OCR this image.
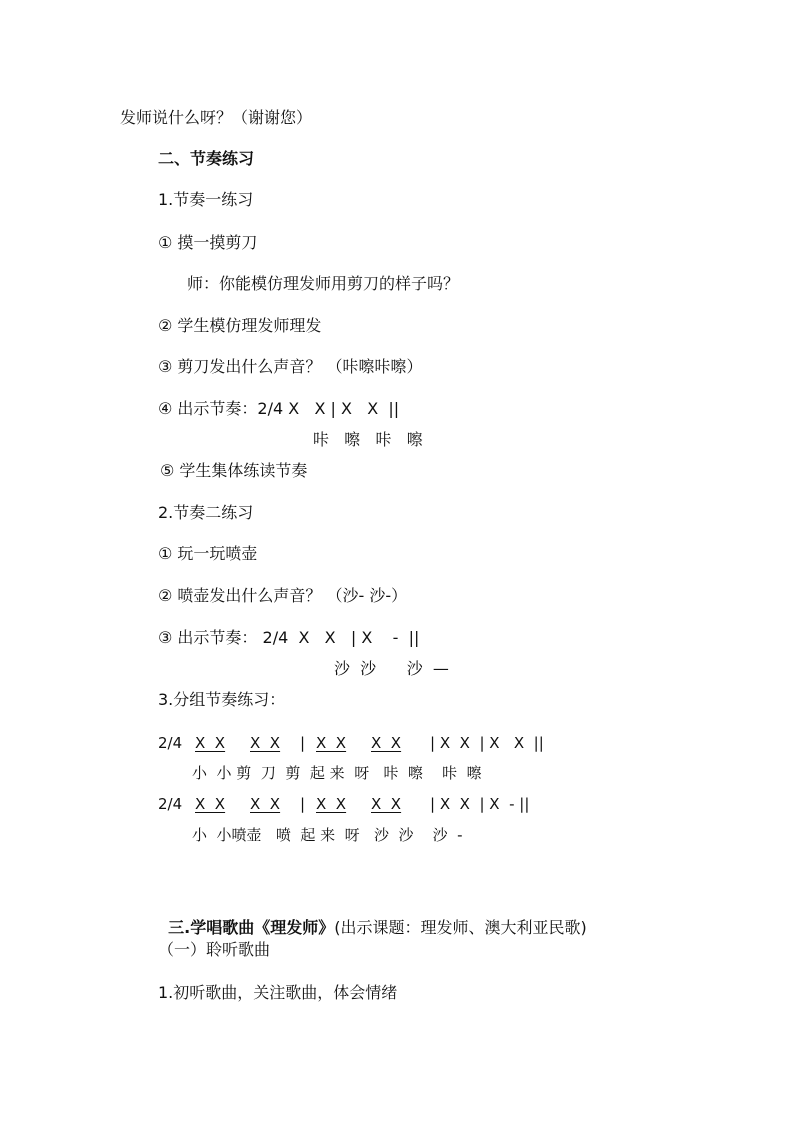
发师说什么呀？（谢谢您）
二、节奏练习
1.节奏一练习
① 摸一摸剪刀
师：你能模仿理发师用剪刀的样子吗？
② 学生模仿理发师理发
③ 剪刀发出什么声音？ （咔嚓咔嚓）
④ 出示节奏：2/4 X   X | X   X  ||
咔   嚓   咔   嚓
⑤ 学生集体练读节奏
2.节奏二练习
① 玩一玩喷壶
② 喷壶发出什么声音？ （沙- 沙-）
③ 出示节奏： 2/4  X   X   | X    -  ||
沙  沙      沙  —
3.分组节奏练习：
2/4 X  X X  X | X  X X  X | X  X  | X   X  ||
小  小 剪  刀  剪  起 来  呀   咔  嚓    咔  嚓
2/4 X  X X  X | X  X X  X | X  X  | X  - ||
小  小喷壶   喷  起 来  呀   沙  沙    沙  -

三.学唱歌曲《理发师》(出示课题：理发师、澳大利亚民歌)

（一）聆听歌曲
1.初听歌曲，关注歌曲，体会情绪
